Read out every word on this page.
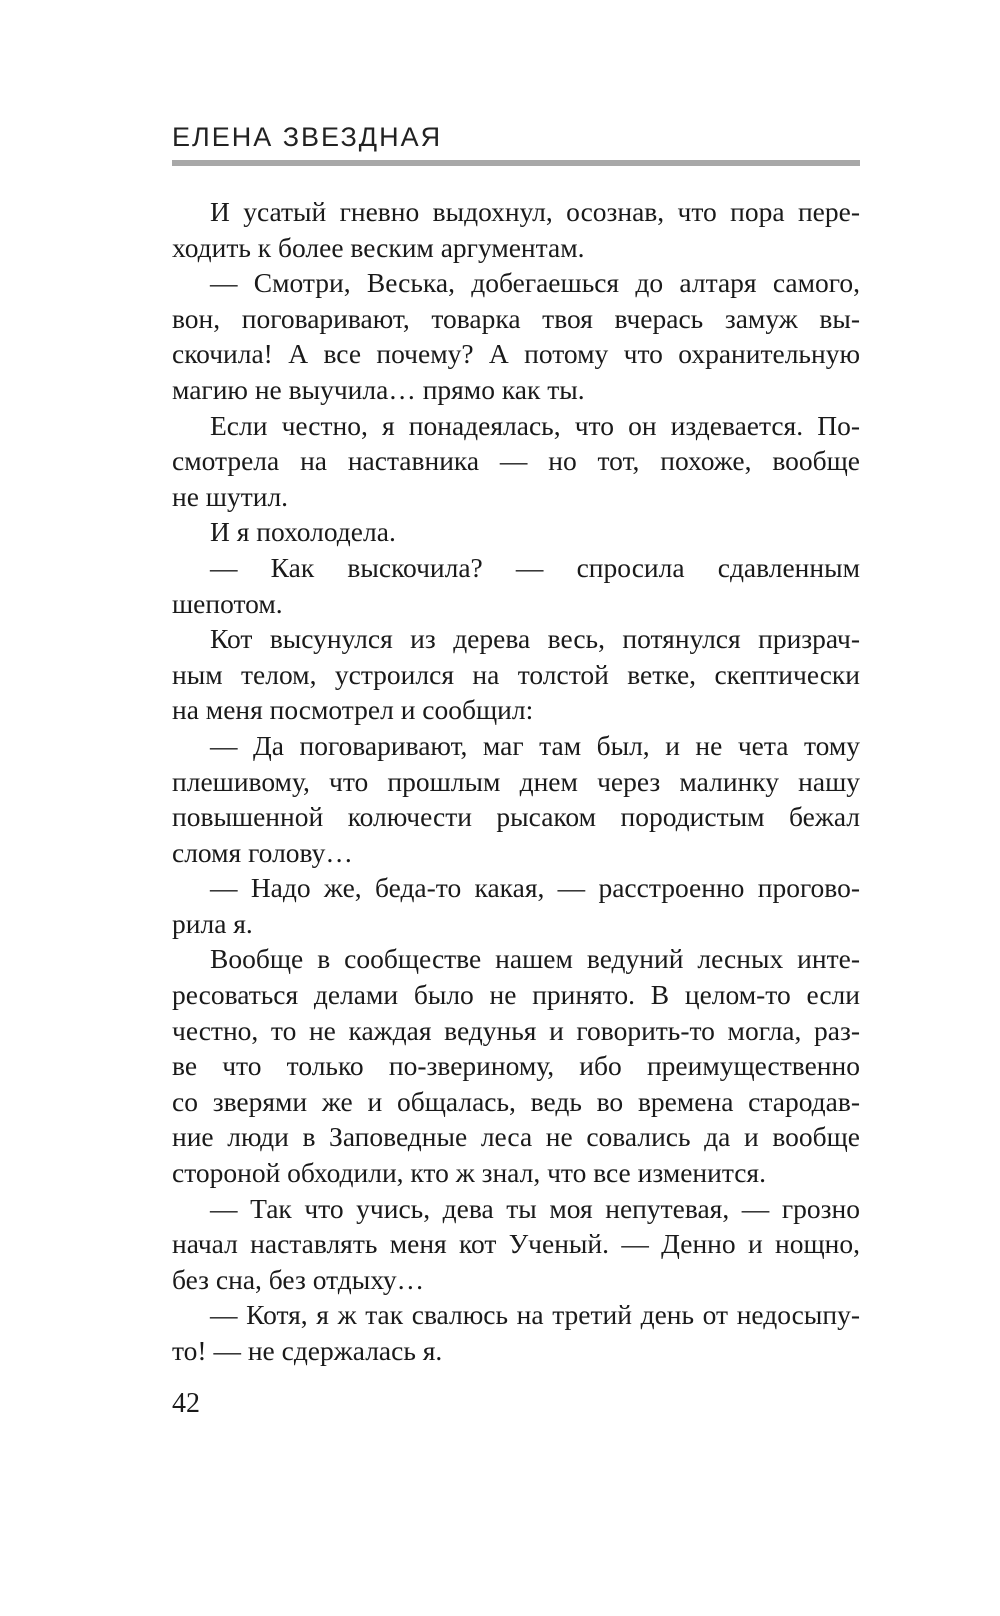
ЕЛЕНА ЗВЕЗДНАЯ
И усатый гневно выдохнул, осознав, что пора пере-
ходить к более веским аргументам.
— Смотри, Веська, добегаешься до алтаря самого,
вон, поговаривают, товарка твоя вчерась замуж вы-
скочила! А все почему? А потому что охранительную
магию не выучила… прямо как ты.
Если честно, я понадеялась, что он издевается. По-
смотрела на наставника — но тот, похоже, вообще
не шутил.
И я похолодела.
— Как выскочила? — спросила сдавленным
шепотом.
Кот высунулся из дерева весь, потянулся призрач-
ным телом, устроился на толстой ветке, скептически
на меня посмотрел и сообщил:
— Да поговаривают, маг там был, и не чета тому
плешивому, что прошлым днем через малинку нашу
повышенной колючести рысаком породистым бежал
сломя голову…
— Надо же, беда-то какая, — расстроенно прогово-
рила я.
Вообще в сообществе нашем ведуний лесных инте-
ресоваться делами было не принято. В целом-то если
честно, то не каждая ведунья и говорить-то могла, раз-
ве что только по-звериному, ибо преимущественно
со зверями же и общалась, ведь во времена стародав-
ние люди в Заповедные леса не совались да и вообще
стороной обходили, кто ж знал, что все изменится.
— Так что учись, дева ты моя непутевая, — грозно
начал наставлять меня кот Ученый. — Денно и нощно,
без сна, без отдыху…
— Котя, я ж так свалюсь на третий день от недосыпу-
то! — не сдержалась я.
42
